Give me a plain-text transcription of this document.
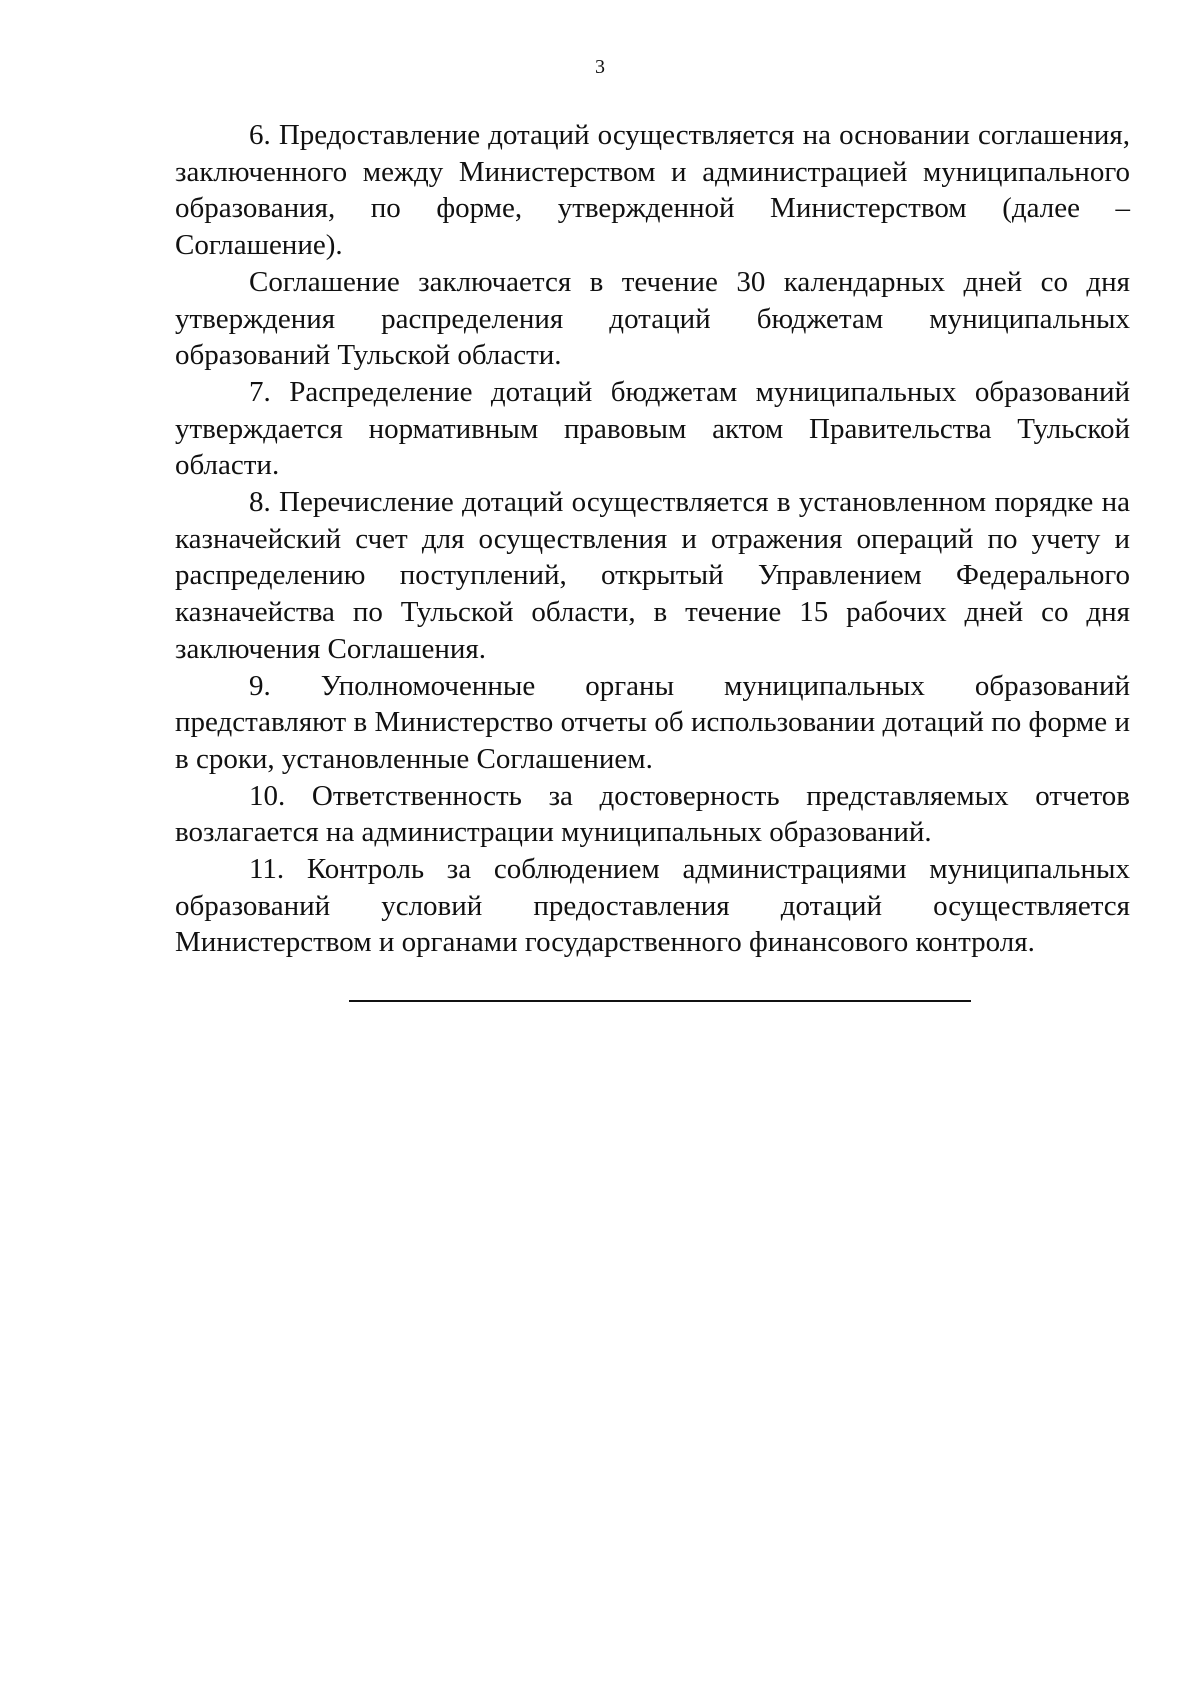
3

6. Предоставление дотаций осуществляется на основании соглашения, заключенного между Министерством и администрацией муниципального образования, по форме, утвержденной Министерством (далее – Соглашение).

Соглашение заключается в течение 30 календарных дней со дня утверждения распределения дотаций бюджетам муниципальных образований Тульской области.

7. Распределение дотаций бюджетам муниципальных образований утверждается нормативным правовым актом Правительства Тульской области.

8. Перечисление дотаций осуществляется в установленном порядке на казначейский счет для осуществления и отражения операций по учету и распределению поступлений, открытый Управлением Федерального казначейства по Тульской области, в течение 15 рабочих дней со дня заключения Соглашения.

9. Уполномоченные органы муниципальных образований представляют в Министерство отчеты об использовании дотаций по форме и в сроки, установленные Соглашением.

10. Ответственность за достоверность представляемых отчетов возлагается на администрации муниципальных образований.

11. Контроль за соблюдением администрациями муниципальных образований условий предоставления дотаций осуществляется Министерством и органами государственного финансового контроля.
